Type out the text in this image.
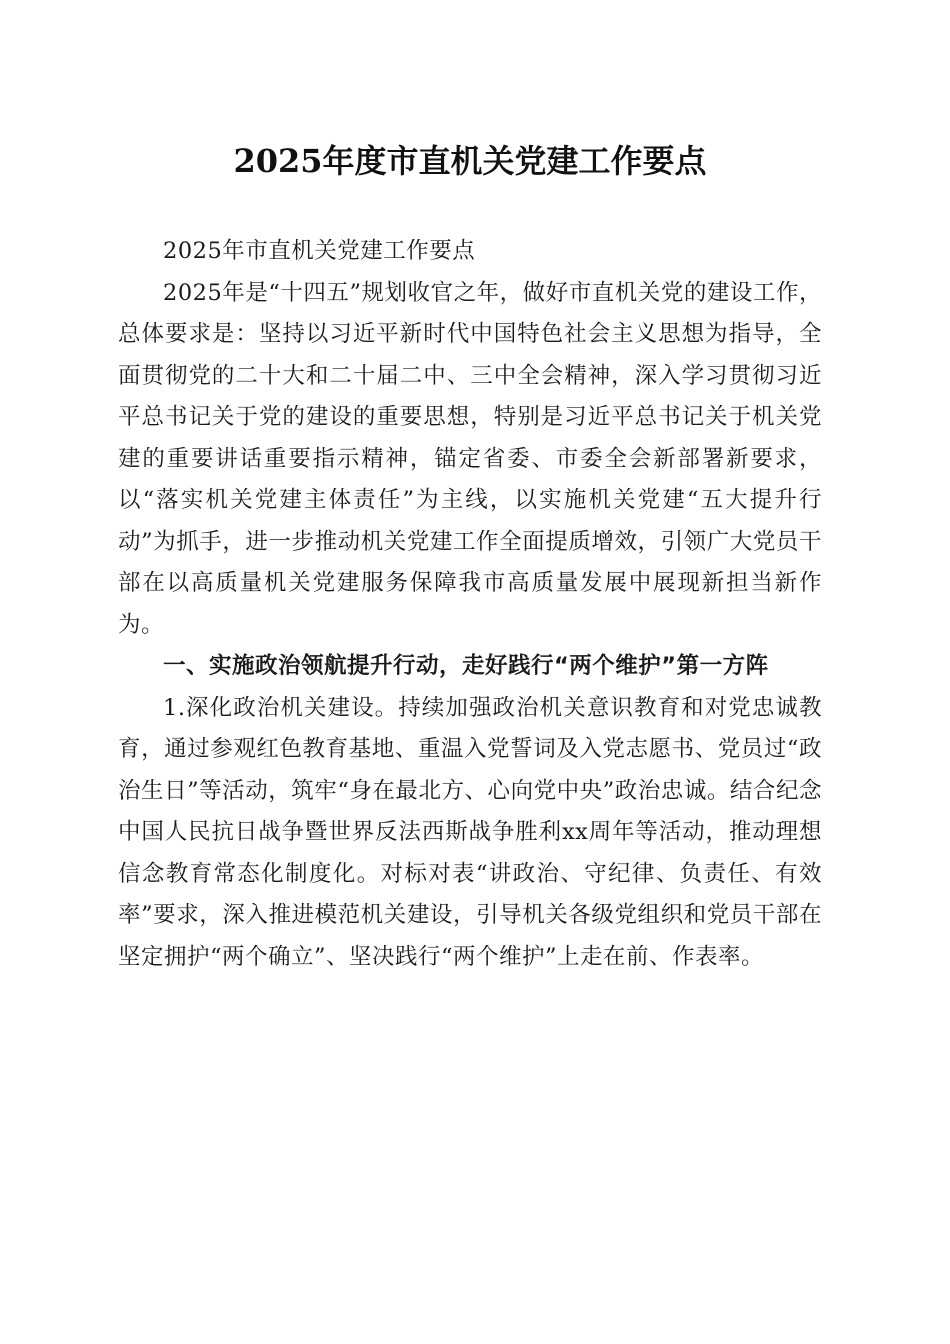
2025年度市直机关党建工作要点

2025年市直机关党建工作要点

2025年是“十四五”规划收官之年，做好市直机关党的建设工作，总体要求是：坚持以习近平新时代中国特色社会主义思想为指导，全面贯彻党的二十大和二十届二中、三中全会精神，深入学习贯彻习近平总书记关于党的建设的重要思想，特别是习近平总书记关于机关党建的重要讲话重要指示精神，锚定省委、市委全会新部署新要求，以“落实机关党建主体责任”为主线，以实施机关党建“五大提升行动”为抓手，进一步推动机关党建工作全面提质增效，引领广大党员干部在以高质量机关党建服务保障我市高质量发展中展现新担当新作为。

一、实施政治领航提升行动，走好践行“两个维护”第一方阵

1.深化政治机关建设。持续加强政治机关意识教育和对党忠诚教育，通过参观红色教育基地、重温入党誓词及入党志愿书、党员过“政治生日”等活动，筑牢“身在最北方、心向党中央”政治忠诚。结合纪念中国人民抗日战争暨世界反法西斯战争胜利xx周年等活动，推动理想信念教育常态化制度化。对标对表“讲政治、守纪律、负责任、有效率”要求，深入推进模范机关建设，引导机关各级党组织和党员干部在坚定拥护“两个确立”、坚决践行“两个维护”上走在前、作表率。
